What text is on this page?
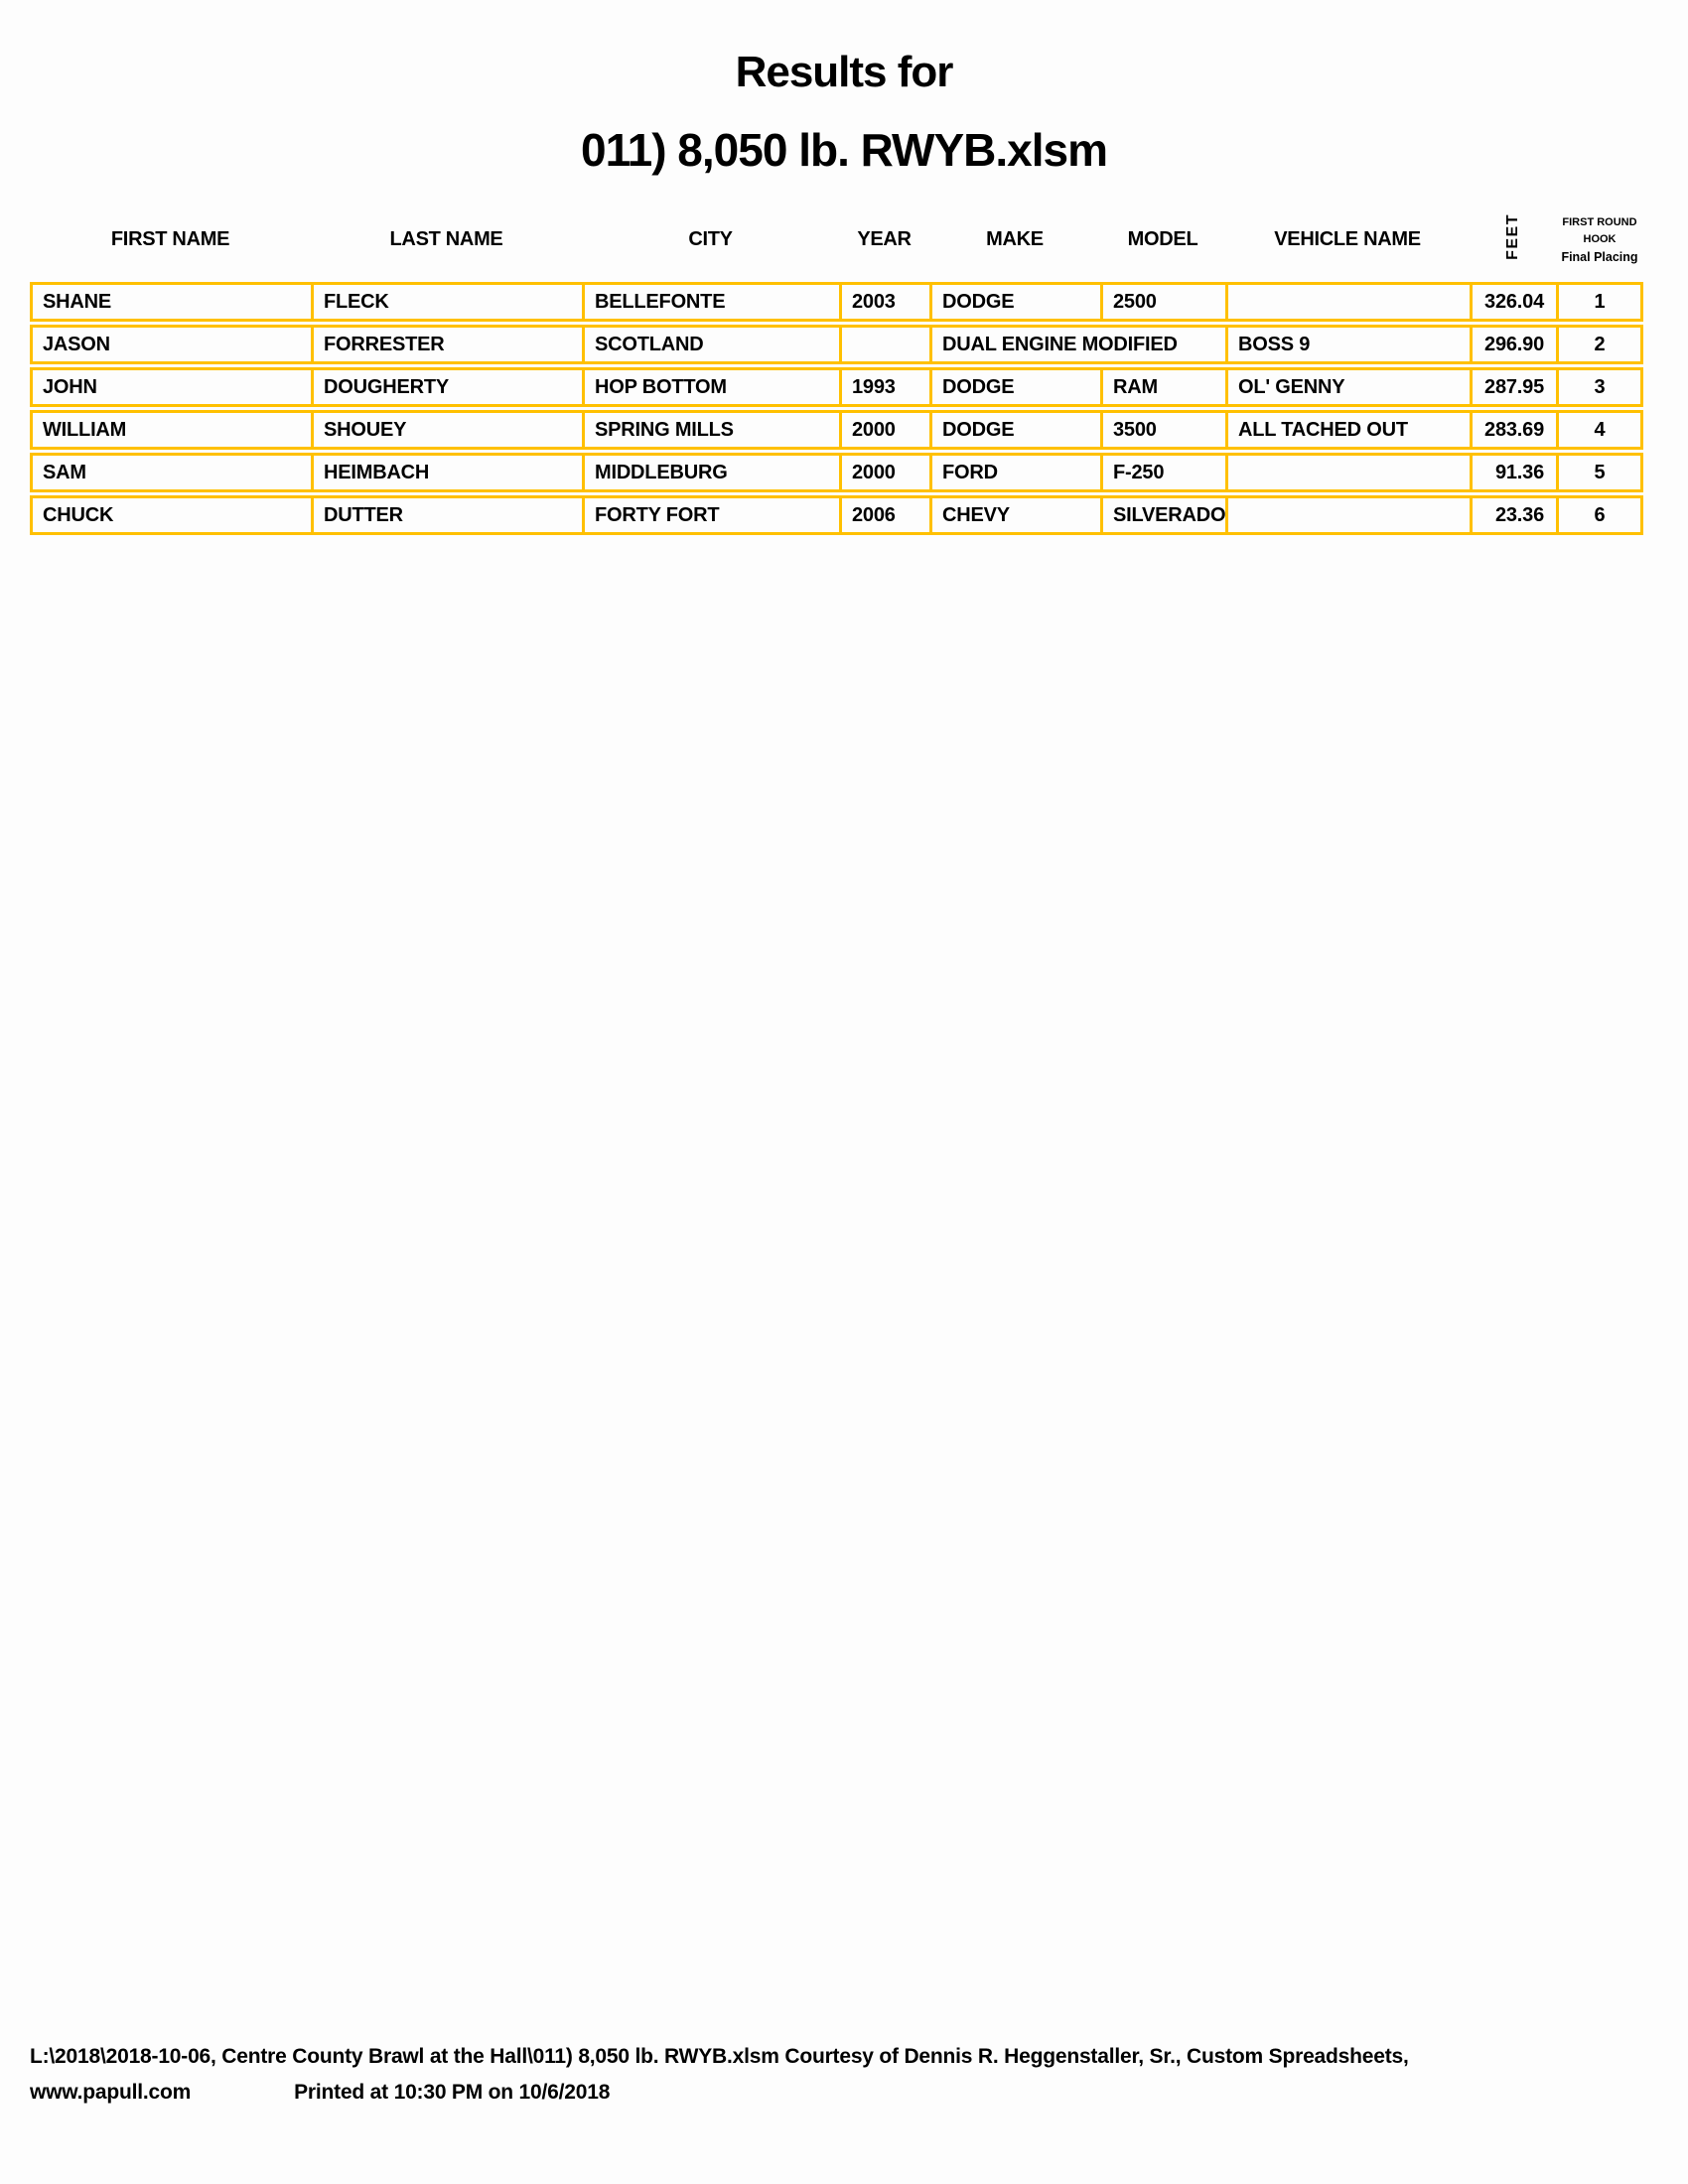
Results for
011) 8,050 lb. RWYB.xlsm
FIRST NAME	LAST NAME	CITY	YEAR	MAKE	MODEL	VEHICLE NAME	FEET	FIRST ROUND
HOOK
Final Placing

SHANE	FLECK	BELLEFONTE	2003	DODGE	2500		326.04	1
JASON	FORRESTER	SCOTLAND		DUAL ENGINE MODIFIED		BOSS 9	296.90	2
JOHN	DOUGHERTY	HOP BOTTOM	1993	DODGE	RAM	OL' GENNY	287.95	3
WILLIAM	SHOUEY	SPRING MILLS	2000	DODGE	3500	ALL TACHED OUT	283.69	4
SAM	HEIMBACH	MIDDLEBURG	2000	FORD	F-250		91.36	5
CHUCK	DUTTER	FORTY FORT	2006	CHEVY	SILVERADO		23.36	6
L:\2018\2018-10-06, Centre County Brawl at the Hall\011) 8,050 lb. RWYB.xlsm Courtesy of Dennis R. Heggenstaller, Sr., Custom Spreadsheets,
www.papull.com	Printed at 10:30 PM on 10/6/2018
